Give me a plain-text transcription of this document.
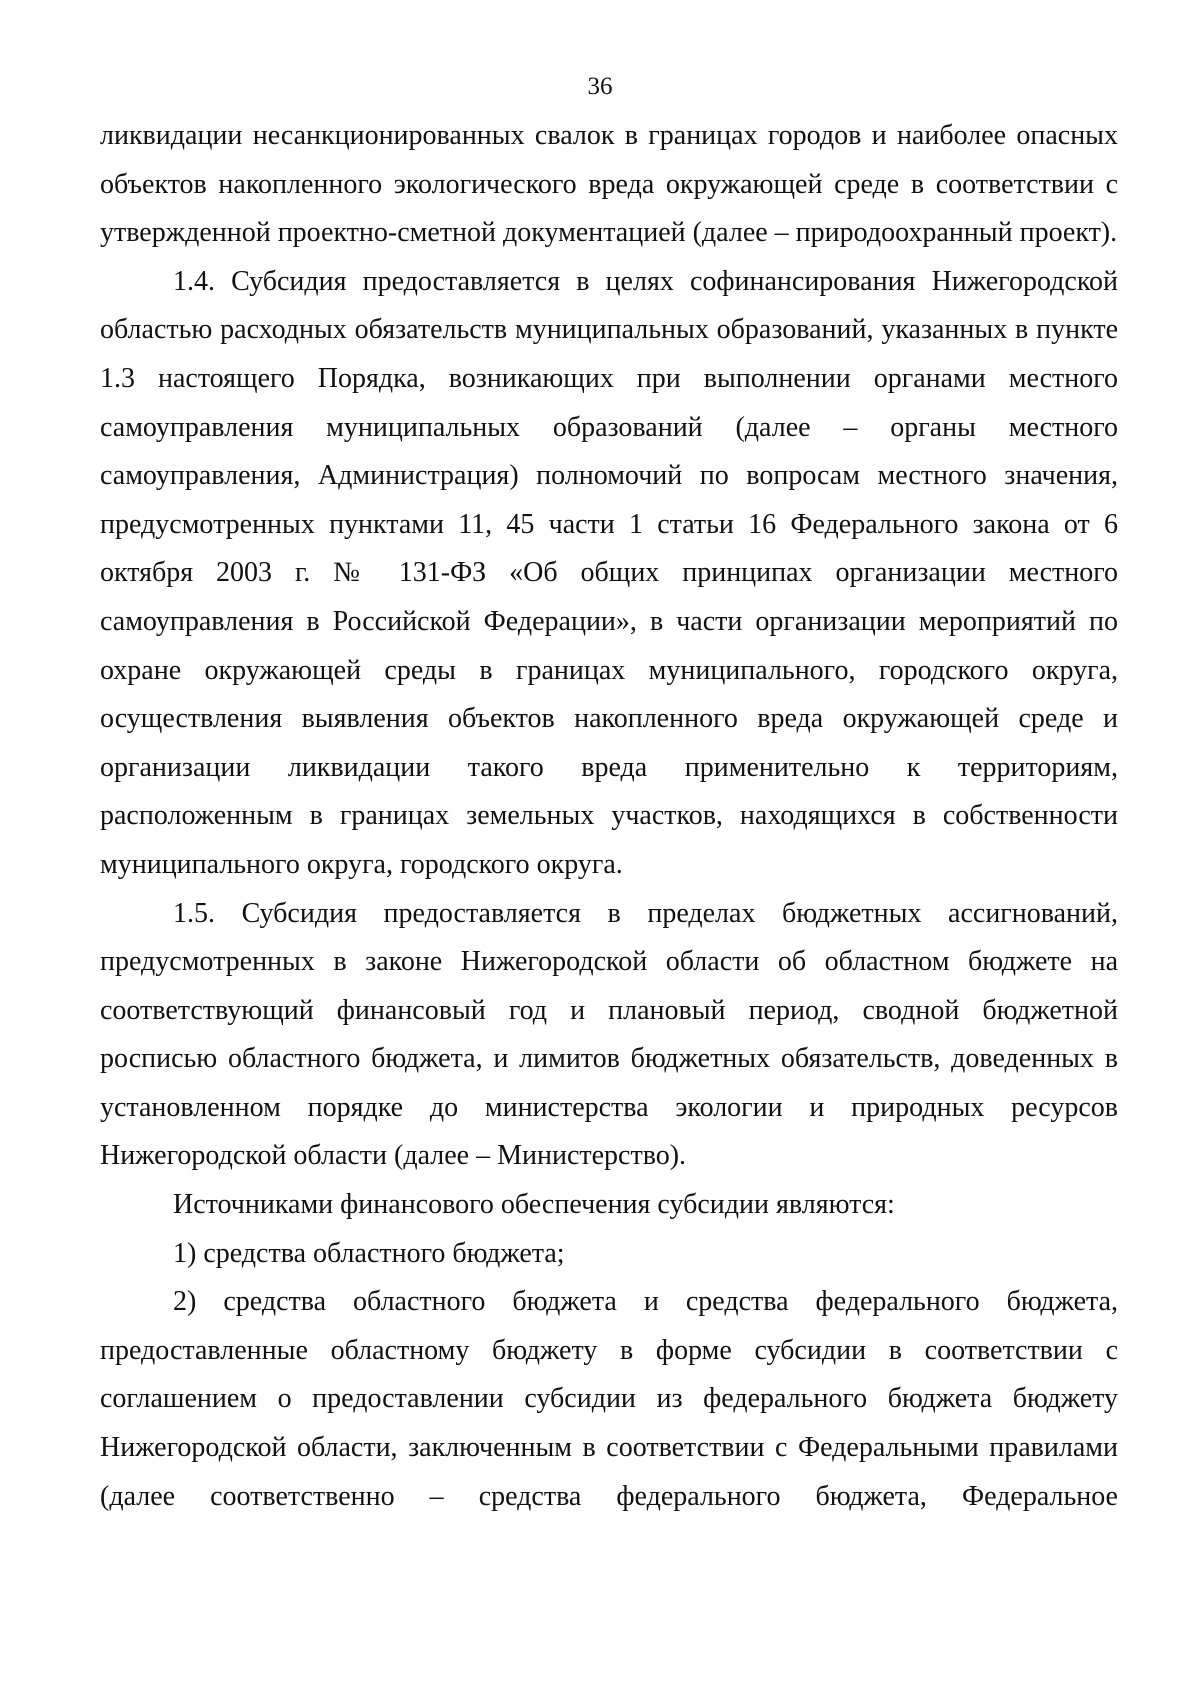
36

ликвидации несанкционированных свалок в границах городов и наиболее опасных объектов накопленного экологического вреда окружающей среде в соответствии с утвержденной проектно-сметной документацией (далее – природоохранный проект).

1.4. Субсидия предоставляется в целях софинансирования Нижегородской областью расходных обязательств муниципальных образований, указанных в пункте 1.3 настоящего Порядка, возникающих при выполнении органами местного самоуправления муниципальных образований (далее – органы местного самоуправления, Администрация) полномочий по вопросам местного значения, предусмотренных пунктами 11, 45 части 1 статьи 16 Федерального закона от 6 октября 2003 г. № 131-ФЗ «Об общих принципах организации местного самоуправления в Российской Федерации», в части организации мероприятий по охране окружающей среды в границах муниципального, городского округа, осуществления выявления объектов накопленного вреда окружающей среде и организации ликвидации такого вреда применительно к территориям, расположенным в границах земельных участков, находящихся в собственности муниципального округа, городского округа.

1.5. Субсидия предоставляется в пределах бюджетных ассигнований, предусмотренных в законе Нижегородской области об областном бюджете на соответствующий финансовый год и плановый период, сводной бюджетной росписью областного бюджета, и лимитов бюджетных обязательств, доведенных в установленном порядке до министерства экологии и природных ресурсов Нижегородской области (далее – Министерство).

Источниками финансового обеспечения субсидии являются:

1) средства областного бюджета;

2) средства областного бюджета и средства федерального бюджета, предоставленные областному бюджету в форме субсидии в соответствии с соглашением о предоставлении субсидии из федерального бюджета бюджету Нижегородской области, заключенным в соответствии с Федеральными правилами (далее соответственно – средства федерального бюджета, Федеральное
